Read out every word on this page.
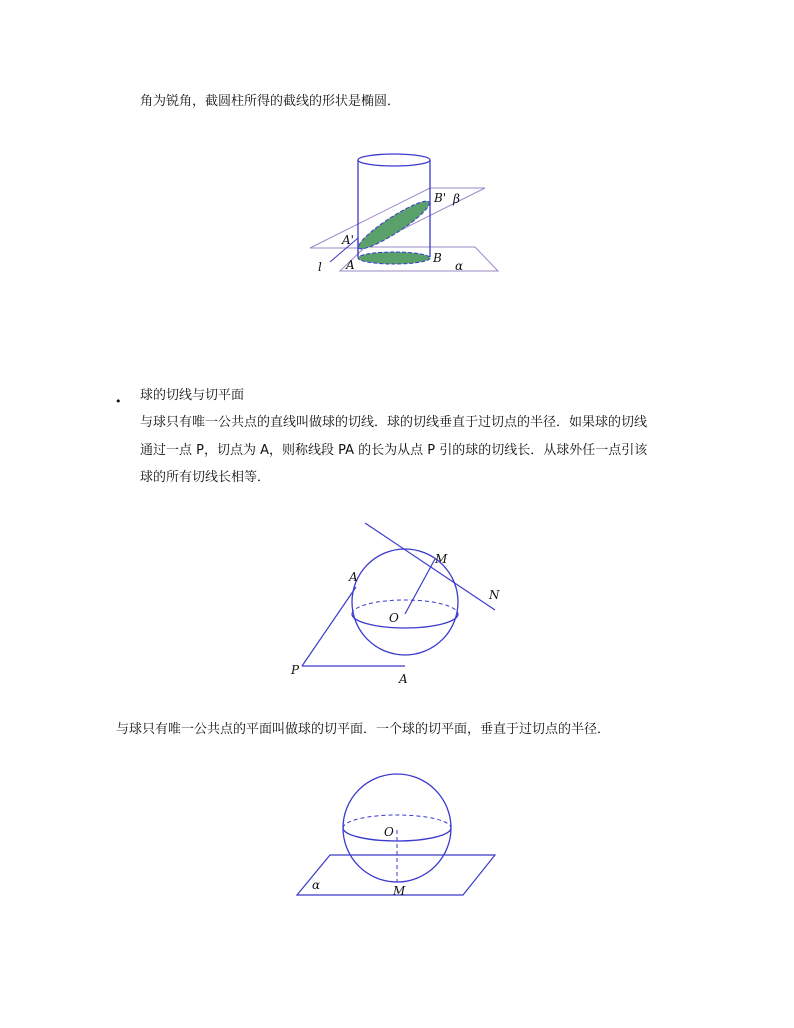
角为锐角，截圆柱所得的截线的形状是椭圆．
B' β
A'
l A	B
α
• 球的切线与切平面
与球只有唯一公共点的直线叫做球的切线．球的切线垂直于过切点的半径．如果球的切线
通过一点 P，切点为 A，则称线段 PA 的长为从点 P 引的球的切线长．从球外任一点引该
球的所有切线长相等．
M
N
A
O
P
A
与球只有唯一公共点的平面叫做球的切平面．一个球的切平面，垂直于过切点的半径．
O
α	M
